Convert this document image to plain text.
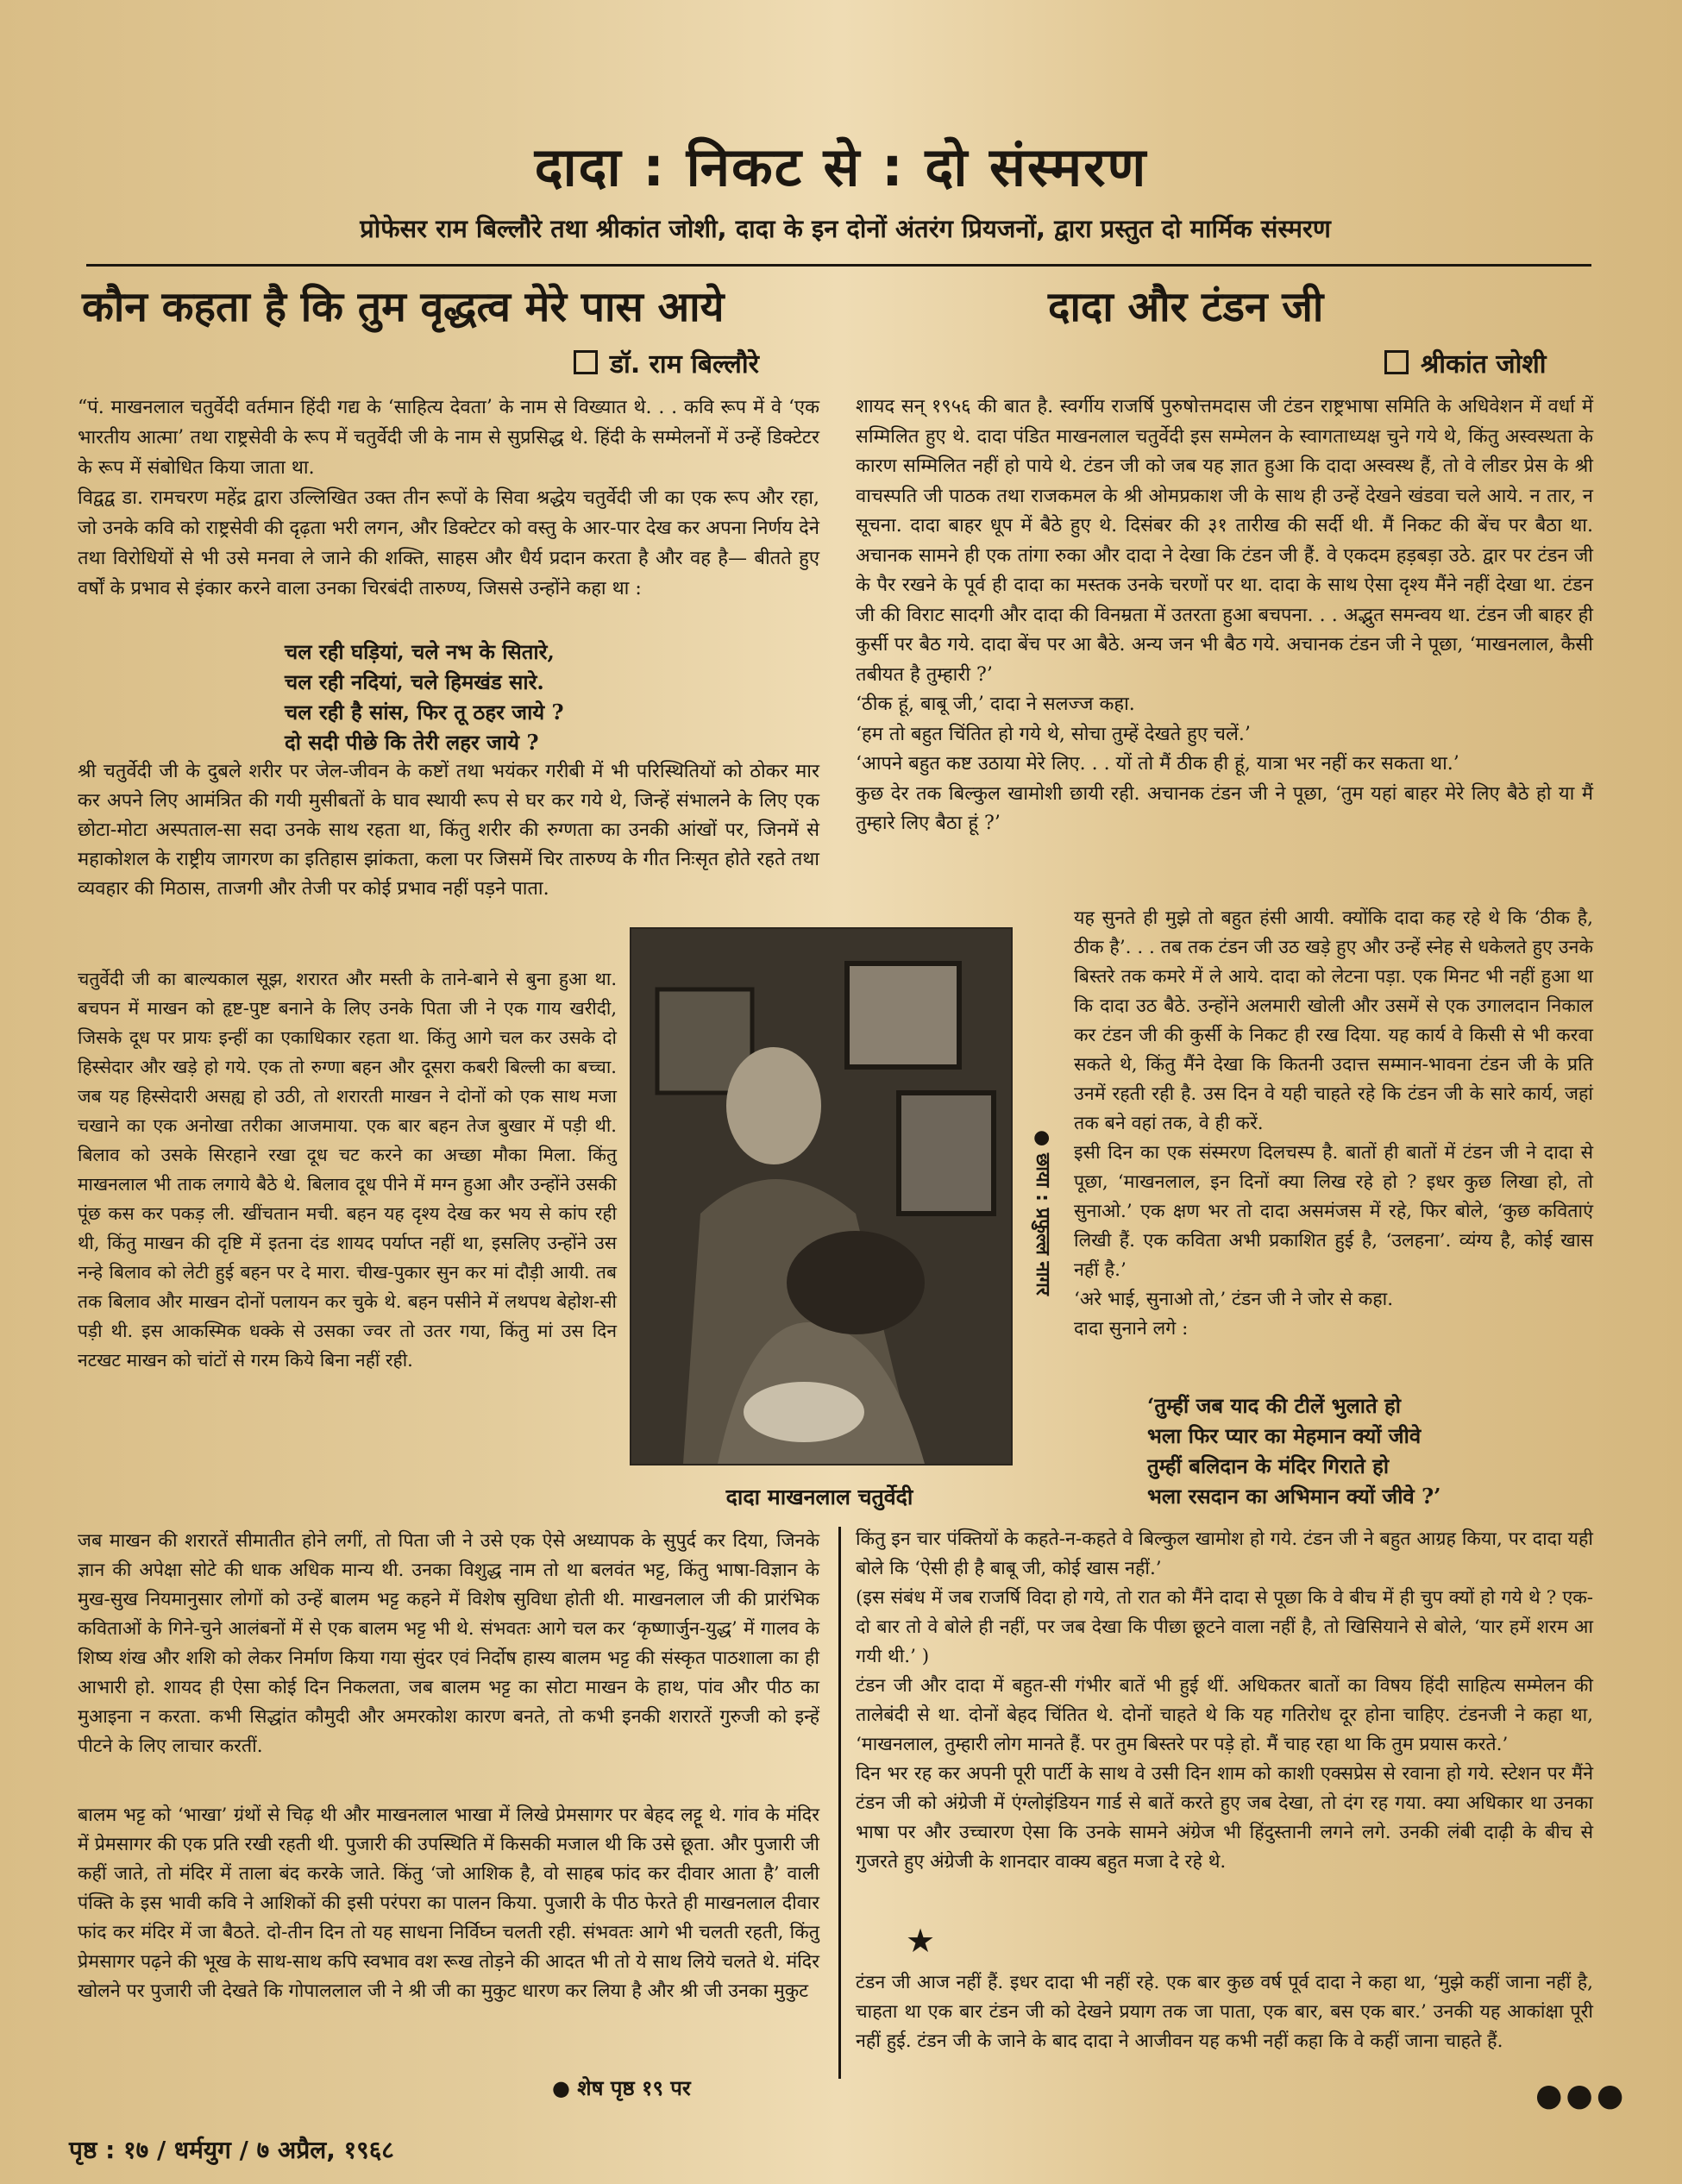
दादा : निकट से : दो संस्मरण
प्रोफेसर राम बिल्लौरे तथा श्रीकांत जोशी, दादा के इन दोनों अंतरंग प्रियजनों, द्वारा प्रस्तुत दो मार्मिक संस्मरण
कौन कहता है कि तुम वृद्धत्व मेरे पास आये
डॉ. राम बिल्लौरे

“पं. माखनलाल चतुर्वेदी वर्तमान हिंदी गद्य के ‘साहित्य देवता’ के नाम से विख्यात थे. . . कवि रूप में वे ‘एक भारतीय आत्मा’ तथा राष्ट्रसेवी के रूप में चतुर्वेदी जी के नाम से सुप्रसिद्ध थे. हिंदी के सम्मेलनों में उन्हें डिक्टेटर के रूप में संबोधित किया जाता था.
विद्वद्व डा. रामचरण महेंद्र द्वारा उल्लिखित उक्त तीन रूपों के सिवा श्रद्धेय चतुर्वेदी जी का एक रूप और रहा, जो उनके कवि को राष्ट्रसेवी की दृढ़ता भरी लगन, और डिक्टेटर को वस्तु के आर-पार देख कर अपना निर्णय देने तथा विरोधियों से भी उसे मनवा ले जाने की शक्ति, साहस और धैर्य प्रदान करता है और वह है— बीतते हुए वर्षों के प्रभाव से इंकार करने वाला उनका चिरबंदी तारुण्य, जिससे उन्होंने कहा था :

चल रही घड़ियां, चले नभ के सितारे,
चल रही नदियां, चले हिमखंड सारे.
चल रही है सांस, फिर तू ठहर जाये ?
दो सदी पीछे कि तेरी लहर जाये ?

श्री चतुर्वेदी जी के दुबले शरीर पर जेल-जीवन के कष्टों तथा भयंकर गरीबी में भी परिस्थितियों को ठोकर मार कर अपने लिए आमंत्रित की गयी मुसीबतों के घाव स्थायी रूप से घर कर गये थे, जिन्हें संभालने के लिए एक छोटा-मोटा अस्पताल-सा सदा उनके साथ रहता था, किंतु शरीर की रुग्णता का उनकी आंखों पर, जिनमें से महाकोशल के राष्ट्रीय जागरण का इतिहास झांकता, कला पर जिसमें चिर तारुण्य के गीत निःसृत होते रहते तथा व्यवहार की मिठास, ताजगी और तेजी पर कोई प्रभाव नहीं पड़ने पाता.

चतुर्वेदी जी का बाल्यकाल सूझ, शरारत और मस्ती के ताने-बाने से बुना हुआ था. बचपन में माखन को हृष्ट-पुष्ट बनाने के लिए उनके पिता जी ने एक गाय खरीदी, जिसके दूध पर प्रायः इन्हीं का एकाधिकार रहता था. किंतु आगे चल कर उसके दो हिस्सेदार और खड़े हो गये. एक तो रुग्णा बहन और दूसरा कबरी बिल्ली का बच्चा. जब यह हिस्सेदारी असह्य हो उठी, तो शरारती माखन ने दोनों को एक साथ मजा चखाने का एक अनोखा तरीका आजमाया. एक बार बहन तेज बुखार में पड़ी थी. बिलाव को उसके सिरहाने रखा दूध चट करने का अच्छा मौका मिला. किंतु माखनलाल भी ताक लगाये बैठे थे. बिलाव दूध पीने में मग्न हुआ और उन्होंने उसकी पूंछ कस कर पकड़ ली. खींचतान मची. बहन यह दृश्य देख कर भय से कांप रही थी, किंतु माखन की दृष्टि में इतना दंड शायद पर्याप्त नहीं था, इसलिए उन्होंने उस नन्हे बिलाव को लेटी हुई बहन पर दे मारा. चीख-पुकार सुन कर मां दौड़ी आयी. तब तक बिलाव और माखन दोनों पलायन कर चुके थे. बहन पसीने में लथपथ बेहोश-सी पड़ी थी. इस आकस्मिक धक्के से उसका ज्वर तो उतर गया, किंतु मां उस दिन नटखट माखन को चांटों से गरम किये बिना नहीं रही.

जब माखन की शरारतें सीमातीत होने लगीं, तो पिता जी ने उसे एक ऐसे अध्यापक के सुपुर्द कर दिया, जिनके ज्ञान की अपेक्षा सोटे की धाक अधिक मान्य थी. उनका विशुद्ध नाम तो था बलवंत भट्ट, किंतु भाषा-विज्ञान के मुख-सुख नियमानुसार लोगों को उन्हें बालम भट्ट कहने में विशेष सुविधा होती थी. माखनलाल जी की प्रारंभिक कविताओं के गिने-चुने आलंबनों में से एक बालम भट्ट भी थे. संभवतः आगे चल कर ‘कृष्णार्जुन-युद्ध’ में गालव के शिष्य शंख और शशि को लेकर निर्माण किया गया सुंदर एवं निर्दोष हास्य बालम भट्ट की संस्कृत पाठशाला का ही आभारी हो. शायद ही ऐसा कोई दिन निकलता, जब बालम भट्ट का सोटा माखन के हाथ, पांव और पीठ का मुआइना न करता. कभी सिद्धांत कौमुदी और अमरकोश कारण बनते, तो कभी इनकी शरारतें गुरुजी को इन्हें पीटने के लिए लाचार करतीं.

बालम भट्ट को ‘भाखा’ ग्रंथों से चिढ़ थी और माखनलाल भाखा में लिखे प्रेमसागर पर बेहद लट्टू थे. गांव के मंदिर में प्रेमसागर की एक प्रति रखी रहती थी. पुजारी की उपस्थिति में किसकी मजाल थी कि उसे छूता. और पुजारी जी कहीं जाते, तो मंदिर में ताला बंद करके जाते. किंतु ‘जो आशिक है, वो साहब फांद कर दीवार आता है’ वाली पंक्ति के इस भावी कवि ने आशिकों की इसी परंपरा का पालन किया. पुजारी के पीठ फेरते ही माखनलाल दीवार फांद कर मंदिर में जा बैठते. दो-तीन दिन तो यह साधना निर्विघ्न चलती रही. संभवतः आगे भी चलती रहती, किंतु प्रेमसागर पढ़ने की भूख के साथ-साथ कपि स्वभाव वश रूख तोड़ने की आदत भी तो ये साथ लिये चलते थे. मंदिर खोलने पर पुजारी जी देखते कि गोपाललाल जी ने श्री जी का मुकुट धारण कर लिया है और श्री जी उनका मुकुट

● शेष पृष्ठ १९ पर
दादा माखनलाल चतुर्वेदी
● छाया : प्रफुल्ल नागर
दादा और टंडन जी
श्रीकांत जोशी

शायद सन् १९५६ की बात है. स्वर्गीय राजर्षि पुरुषोत्तमदास जी टंडन राष्ट्रभाषा समिति के अधिवेशन में वर्धा में सम्मिलित हुए थे. दादा पंडित माखनलाल चतुर्वेदी इस सम्मेलन के स्वागताध्यक्ष चुने गये थे, किंतु अस्वस्थता के कारण सम्मिलित नहीं हो पाये थे. टंडन जी को जब यह ज्ञात हुआ कि दादा अस्वस्थ हैं, तो वे लीडर प्रेस के श्री वाचस्पति जी पाठक तथा राजकमल के श्री ओमप्रकाश जी के साथ ही उन्हें देखने खंडवा चले आये. न तार, न सूचना. दादा बाहर धूप में बैठे हुए थे. दिसंबर की ३१ तारीख की सर्दी थी. मैं निकट की बेंच पर बैठा था. अचानक सामने ही एक तांगा रुका और दादा ने देखा कि टंडन जी हैं. वे एकदम हड़बड़ा उठे. द्वार पर टंडन जी के पैर रखने के पूर्व ही दादा का मस्तक उनके चरणों पर था. दादा के साथ ऐसा दृश्य मैंने नहीं देखा था. टंडन जी की विराट सादगी और दादा की विनम्रता में उतरता हुआ बचपना. . . अद्भुत समन्वय था. टंडन जी बाहर ही कुर्सी पर बैठ गये. दादा बेंच पर आ बैठे. अन्य जन भी बैठ गये. अचानक टंडन जी ने पूछा, ‘माखनलाल, कैसी तबीयत है तुम्हारी ?’
‘ठीक हूं, बाबू जी,’ दादा ने सलज्ज कहा.
‘हम तो बहुत चिंतित हो गये थे, सोचा तुम्हें देखते हुए चलें.’
‘आपने बहुत कष्ट उठाया मेरे लिए. . . यों तो मैं ठीक ही हूं, यात्रा भर नहीं कर सकता था.’
कुछ देर तक बिल्कुल खामोशी छायी रही. अचानक टंडन जी ने पूछा, ‘तुम यहां बाहर मेरे लिए बैठे हो या मैं तुम्हारे लिए बैठा हूं ?’

यह सुनते ही मुझे तो बहुत हंसी आयी. क्योंकि दादा कह रहे थे कि ‘ठीक है, ठीक है’. . . तब तक टंडन जी उठ खड़े हुए और उन्हें स्नेह से धकेलते हुए उनके बिस्तरे तक कमरे में ले आये. दादा को लेटना पड़ा. एक मिनट भी नहीं हुआ था कि दादा उठ बैठे. उन्होंने अलमारी खोली और उसमें से एक उगालदान निकाल कर टंडन जी की कुर्सी के निकट ही रख दिया. यह कार्य वे किसी से भी करवा सकते थे, किंतु मैंने देखा कि कितनी उदात्त सम्मान-भावना टंडन जी के प्रति उनमें रहती रही है. उस दिन वे यही चाहते रहे कि टंडन जी के सारे कार्य, जहां तक बने वहां तक, वे ही करें.
इसी दिन का एक संस्मरण दिलचस्प है. बातों ही बातों में टंडन जी ने दादा से पूछा, ‘माखनलाल, इन दिनों क्या लिख रहे हो ? इधर कुछ लिखा हो, तो सुनाओ.’ एक क्षण भर तो दादा असमंजस में रहे, फिर बोले, ‘कुछ कविताएं लिखी हैं. एक कविता अभी प्रकाशित हुई है, ‘उलहना’. व्यंग्य है, कोई खास नहीं है.’
‘अरे भाई, सुनाओ तो,’ टंडन जी ने जोर से कहा.
दादा सुनाने लगे :

‘तुम्हीं जब याद की टीलें भुलाते हो
भला फिर प्यार का मेहमान क्यों जीवे
तुम्हीं बलिदान के मंदिर गिराते हो
भला रसदान का अभिमान क्यों जीवे ?’

किंतु इन चार पंक्तियों के कहते-न-कहते वे बिल्कुल खामोश हो गये. टंडन जी ने बहुत आग्रह किया, पर दादा यही बोले कि ‘ऐसी ही है बाबू जी, कोई खास नहीं.’
(इस संबंध में जब राजर्षि विदा हो गये, तो रात को मैंने दादा से पूछा कि वे बीच में ही चुप क्यों हो गये थे ? एक-दो बार तो वे बोले ही नहीं, पर जब देखा कि पीछा छूटने वाला नहीं है, तो खिसियाने से बोले, ‘यार हमें शरम आ गयी थी.’ )
टंडन जी और दादा में बहुत-सी गंभीर बातें भी हुई थीं. अधिकतर बातों का विषय हिंदी साहित्य सम्मेलन की तालेबंदी से था. दोनों बेहद चिंतित थे. दोनों चाहते थे कि यह गतिरोध दूर होना चाहिए. टंडनजी ने कहा था, ‘माखनलाल, तुम्हारी लोग मानते हैं. पर तुम बिस्तरे पर पड़े हो. मैं चाह रहा था कि तुम प्रयास करते.’
दिन भर रह कर अपनी पूरी पार्टी के साथ वे उसी दिन शाम को काशी एक्सप्रेस से रवाना हो गये. स्टेशन पर मैंने टंडन जी को अंग्रेजी में एंग्लोइंडियन गार्ड से बातें करते हुए जब देखा, तो दंग रह गया. क्या अधिकार था उनका भाषा पर और उच्चारण ऐसा कि उनके सामने अंग्रेज भी हिंदुस्तानी लगने लगे. उनकी लंबी दाढ़ी के बीच से गुजरते हुए अंग्रेजी के शानदार वाक्य बहुत मजा दे रहे थे.

★

टंडन जी आज नहीं हैं. इधर दादा भी नहीं रहे. एक बार कुछ वर्ष पूर्व दादा ने कहा था, ‘मुझे कहीं जाना नहीं है, चाहता था एक बार टंडन जी को देखने प्रयाग तक जा पाता, एक बार, बस एक बार.’ उनकी यह आकांक्षा पूरी नहीं हुई. टंडन जी के जाने के बाद दादा ने आजीवन यह कभी नहीं कहा कि वे कहीं जाना चाहते हैं.

●●●
पृष्ठ : १७ / धर्मयुग / ७ अप्रैल, १९६८
